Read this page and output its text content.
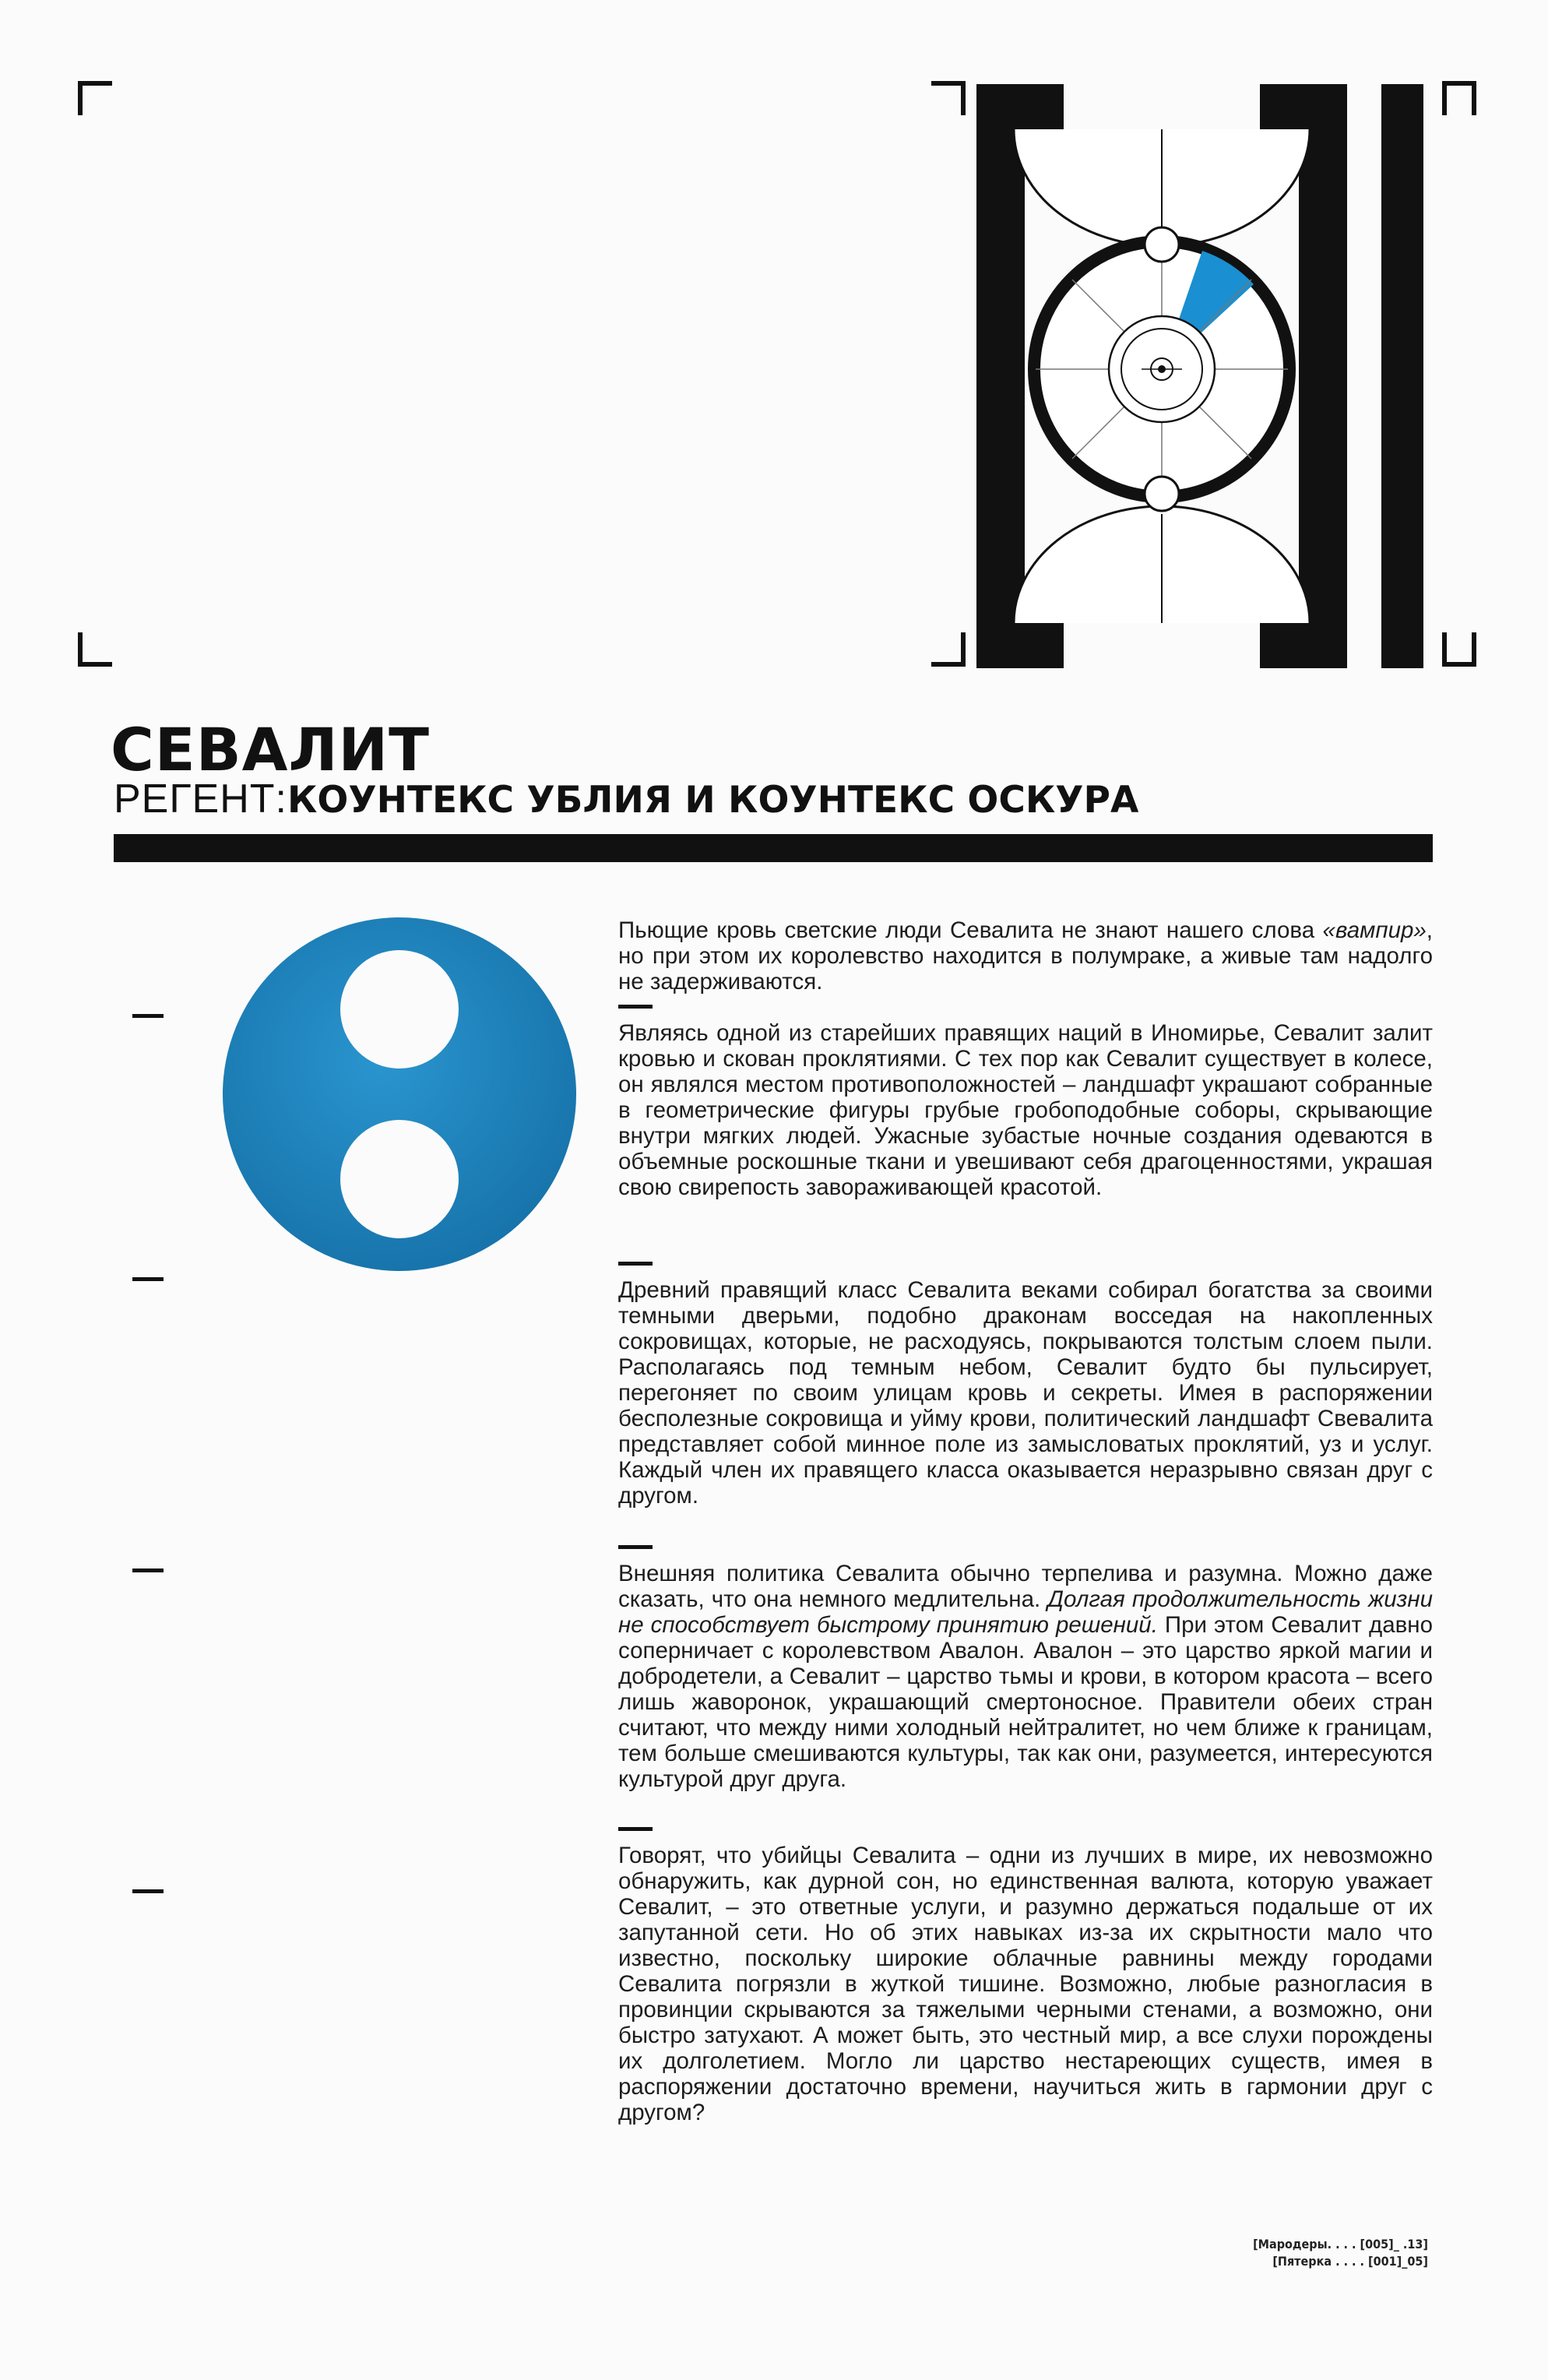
СЕВАЛИТ
РЕГЕНТ:КОУНТЕКС УБЛИЯ И КОУНТЕКС ОСКУРА

Пьющие кровь светские люди Севалита не знают нашего слова «вампир», но при этом их королевство находится в полумраке, а живые там надолго не задерживаются.

Являясь одной из старейших правящих наций в Иномирье, Севалит залит кровью и скован проклятиями. С тех пор как Севалит существует в колесе, он являлся местом противоположностей – ландшафт украшают собранные в геометрические фигуры грубые гробоподобные соборы, скрывающие внутри мягких людей. Ужасные зубастые ночные создания одеваются в объемные роскошные ткани и увешивают себя драгоценностями, украшая свою свирепость завораживающей красотой.

Древний правящий класс Севалита веками собирал богатства за своими темными дверьми, подобно драконам восседая на накопленных сокровищах, которые, не расходуясь, покрываются толстым слоем пыли. Располагаясь под темным небом, Севалит будто бы пульсирует, перегоняет по своим улицам кровь и секреты. Имея в распоряжении бесполезные сокровища и уйму крови, политический ландшафт Свевалита представляет собой минное поле из замысловатых проклятий, уз и услуг. Каждый член их правящего класса оказывается неразрывно связан друг с другом.

Внешняя политика Севалита обычно терпелива и разумна. Можно даже сказать, что она немного медлительна. Долгая продолжительность жизни не способствует быстрому принятию решений. При этом Севалит давно соперничает с королевством Авалон. Авалон – это царство яркой магии и добродетели, а Севалит – царство тьмы и крови, в котором красота – всего лишь жаворонок, украшающий смертоносное. Правители обеих стран считают, что между ними холодный нейтралитет, но чем ближе к границам, тем больше смешиваются культуры, так как они, разумеется, интересуются культурой друг друга.

Говорят, что убийцы Севалита – одни из лучших в мире, их невозможно обнаружить, как дурной сон, но единственная валюта, которую уважает Севалит, – это ответные услуги, и разумно держаться подальше от их запутанной сети. Но об этих навыках из-за их скрытности мало что известно, поскольку широкие облачные равнины между городами Севалита погрязли в жуткой тишине. Возможно, любые разногласия в провинции скрываются за тяжелыми черными стенами, а возможно, они быстро затухают. А может быть, это честный мир, а все слухи порождены их долголетием. Могло ли царство нестареющих существ, имея в распоряжении достаточно времени, научиться жить в гармонии друг с другом?

[Мародеры. . . . [005]_ .13]
[Пятерка . . . . [001]_05]
